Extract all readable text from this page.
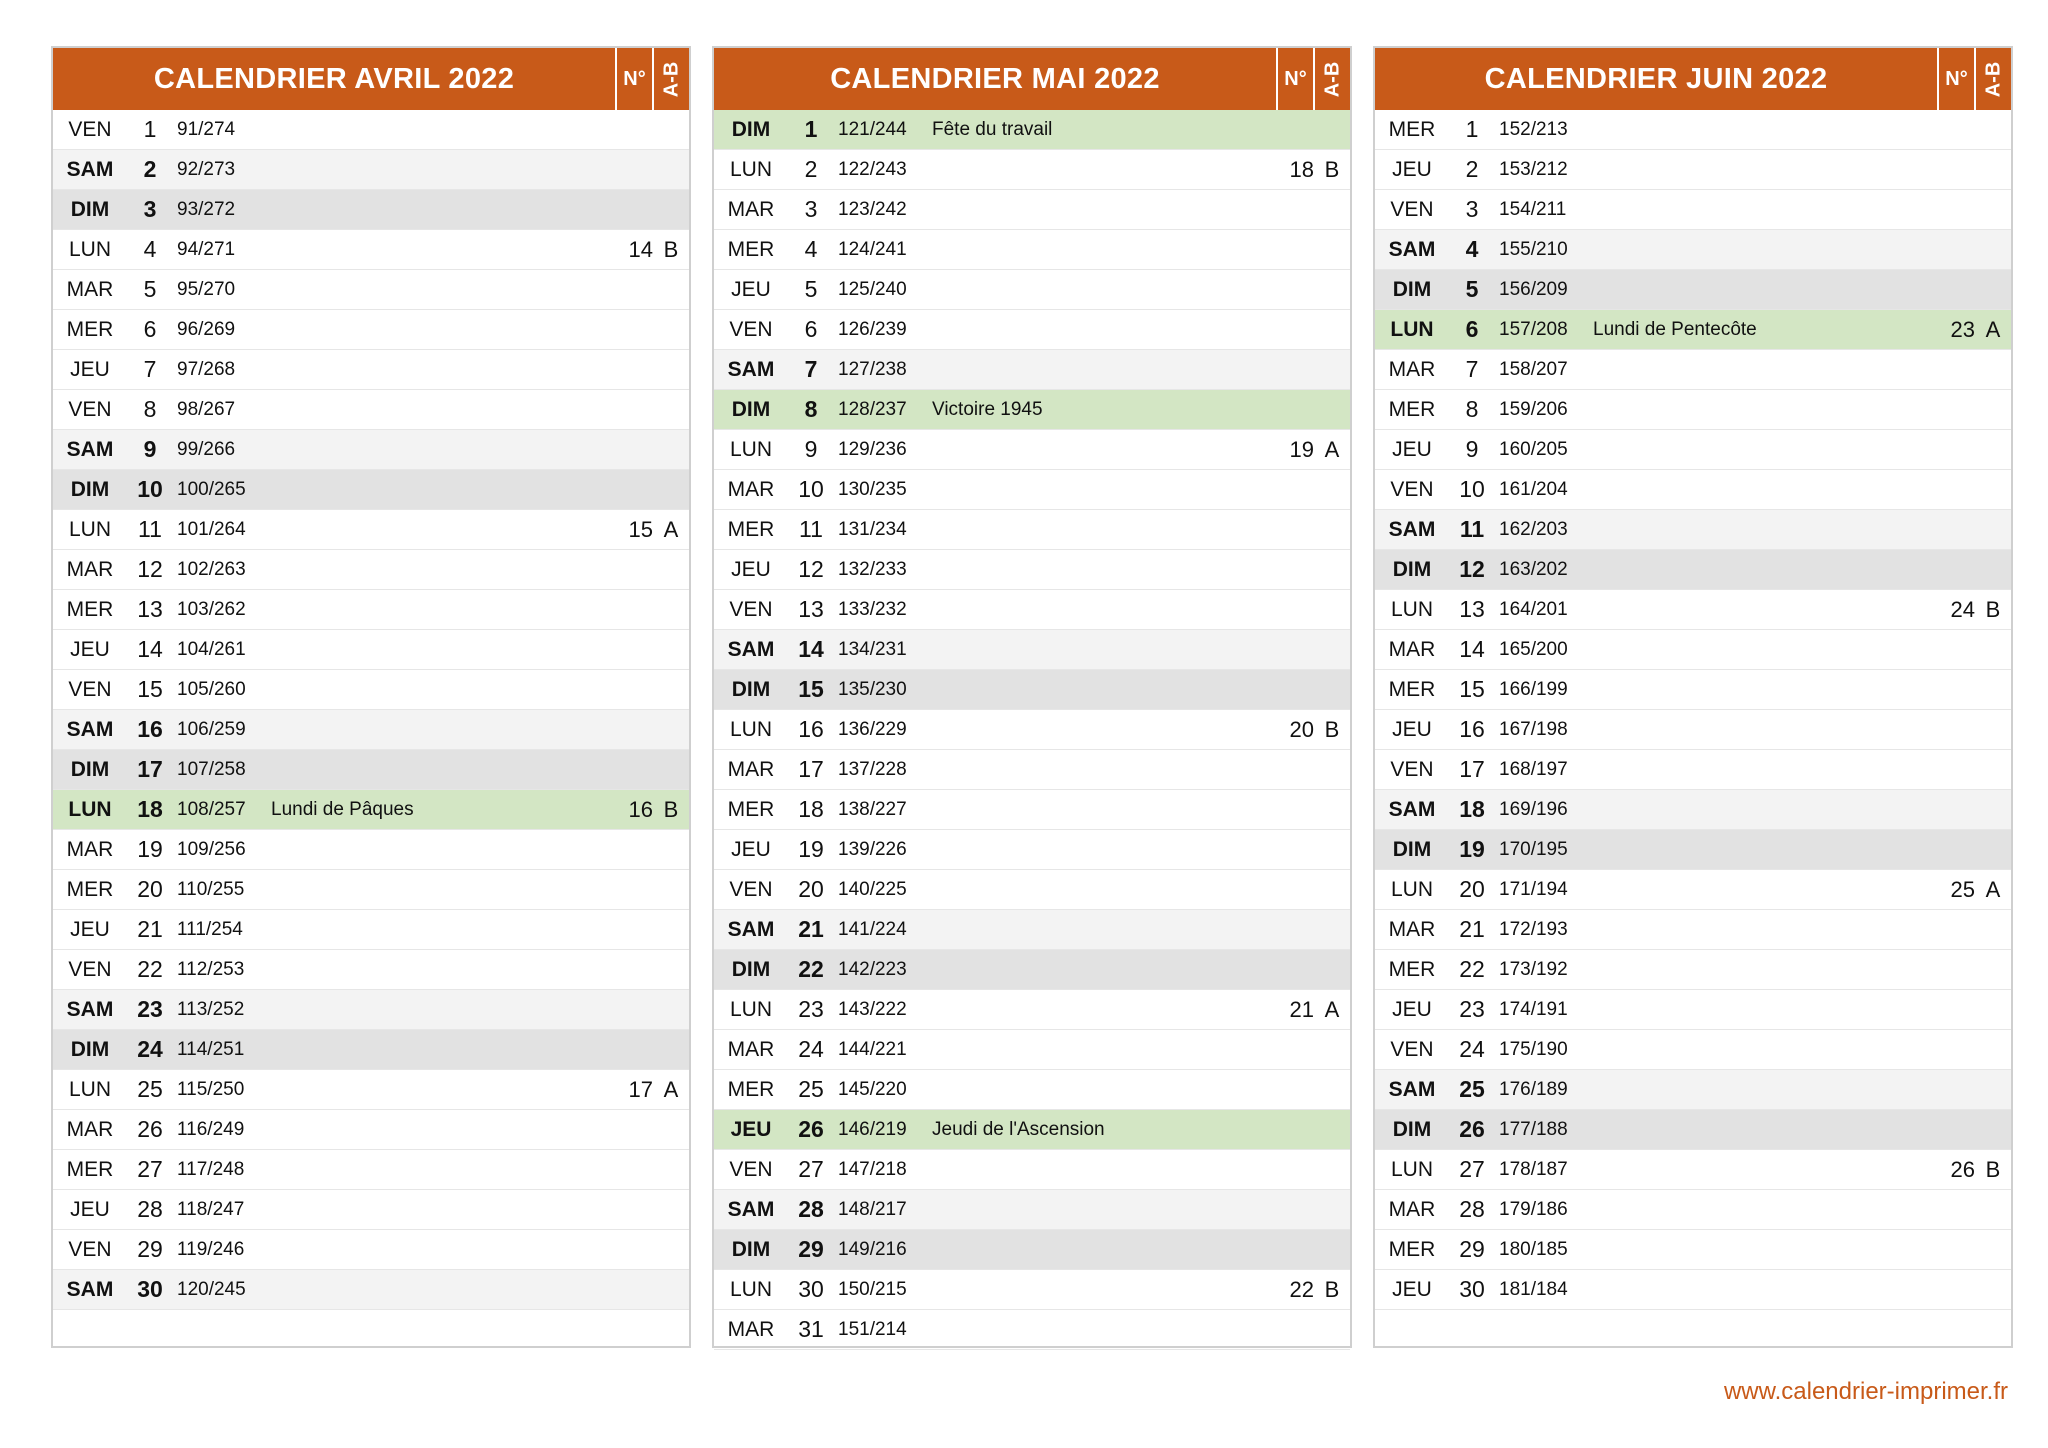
CALENDRIER AVRIL 2022	N° A-B
VEN	1	91/274
SAM	2	92/273
DIM	3	93/272
LUN	4	94/271	14 B
MAR	5	95/270
MER	6	96/269
JEU	7	97/268
VEN	8	98/267
SAM	9	99/266
DIM	10 100/265
LUN	11 101/264	15 A
MAR	12 102/263
MER	13 103/262
JEU	14 104/261
VEN	15 105/260
SAM	16 106/259
DIM	17 107/258
LUN	18 108/257	Lundi de Pâques	16 B
MAR	19 109/256
MER	20 110/255
JEU	21 111/254
VEN	22 112/253
SAM	23 113/252
DIM	24 114/251
LUN	25 115/250	17 A
MAR	26 116/249
MER	27 117/248
JEU	28 118/247
VEN	29 119/246
SAM	30 120/245
CALENDRIER MAI 2022	N° A-B
DIM	1	121/244	Fête du travail
LUN	2	122/243	18 B
MAR	3	123/242
MER	4	124/241
JEU	5	125/240
VEN	6	126/239
SAM	7	127/238
DIM	8	128/237	Victoire 1945
LUN	9	129/236	19 A
MAR	10 130/235
MER	11 131/234
JEU	12 132/233
VEN	13 133/232
SAM	14 134/231
DIM	15 135/230
LUN	16 136/229	20 B
MAR	17 137/228
MER	18 138/227
JEU	19 139/226
VEN	20 140/225
SAM	21 141/224
DIM	22 142/223
LUN	23 143/222	21 A
MAR	24 144/221
MER	25 145/220
JEU	26 146/219	Jeudi de l'Ascension
VEN	27 147/218
SAM	28 148/217
DIM	29 149/216
LUN	30 150/215	22 B
MAR	31 151/214
CALENDRIER JUIN 2022	N° A-B
MER	1	152/213
JEU	2	153/212
VEN	3	154/211
SAM	4	155/210
DIM	5	156/209
LUN	6	157/208	Lundi de Pentecôte	23 A
MAR	7	158/207
MER	8	159/206
JEU	9	160/205
VEN	10 161/204
SAM	11 162/203
DIM	12 163/202
LUN	13 164/201	24 B
MAR	14 165/200
MER	15 166/199
JEU	16 167/198
VEN	17 168/197
SAM	18 169/196
DIM	19 170/195
LUN	20 171/194	25 A
MAR	21 172/193
MER	22 173/192
JEU	23 174/191
VEN	24 175/190
SAM	25 176/189
DIM	26 177/188
LUN	27 178/187	26 B
MAR	28 179/186
MER	29 180/185
JEU	30 181/184
www.calendrier-imprimer.fr
